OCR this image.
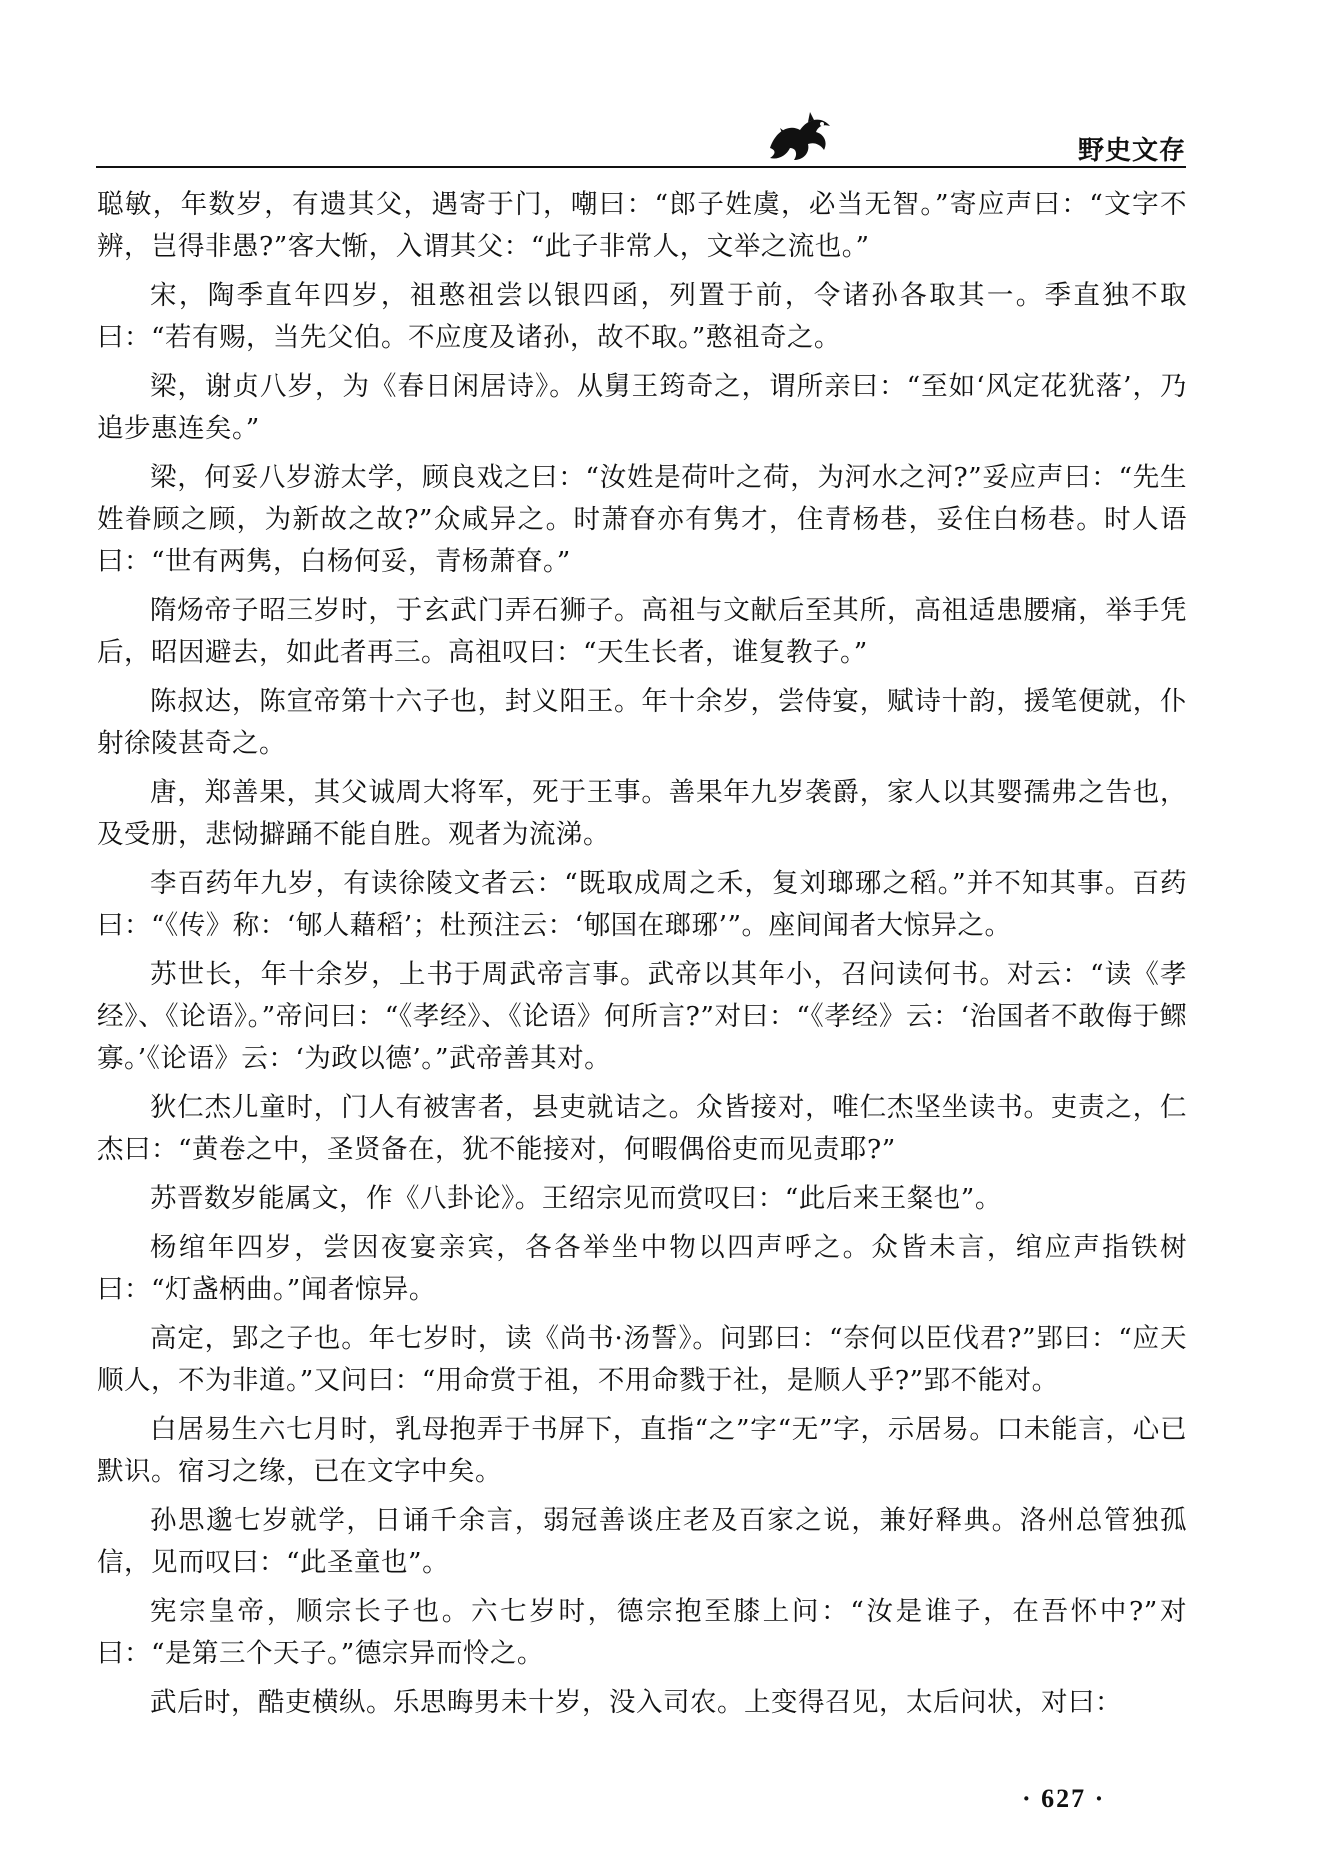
野史文存

聪敏，年数岁，有遗其父，遇寄于门，嘲曰：“郎子姓虞，必当无智。”寄应声曰：“文字不辨，岂得非愚?”客大惭，入谓其父：“此子非常人，文举之流也。”

宋，陶季直年四岁，祖憨祖尝以银四函，列置于前，令诸孙各取其一。季直独不取曰：“若有赐，当先父伯。不应度及诸孙，故不取。”憨祖奇之。

梁，谢贞八岁，为《春日闲居诗》。从舅王筠奇之，谓所亲曰：“至如‘风定花犹落’，乃追步惠连矣。”

梁，何妥八岁游太学，顾良戏之曰：“汝姓是荷叶之荷，为河水之河?”妥应声曰：“先生姓眷顾之顾，为新故之故?”众咸异之。时萧眘亦有隽才，住青杨巷，妥住白杨巷。时人语曰：“世有两隽，白杨何妥，青杨萧眘。”

隋炀帝子昭三岁时，于玄武门弄石狮子。高祖与文献后至其所，高祖适患腰痛，举手凭后，昭因避去，如此者再三。高祖叹曰：“天生长者，谁复教子。”

陈叔达，陈宣帝第十六子也，封义阳王。年十余岁，尝侍宴，赋诗十韵，援笔便就，仆射徐陵甚奇之。

唐，郑善果，其父诚周大将军，死于王事。善果年九岁袭爵，家人以其婴孺弗之告也，及受册，悲恸擗踊不能自胜。观者为流涕。

李百药年九岁，有读徐陵文者云：“既取成周之禾，复刘瑯琊之稻。”并不知其事。百药曰：“《传》称：‘郇人藉稻’；杜预注云：‘郇国在瑯琊’”。座间闻者大惊异之。

苏世长，年十余岁，上书于周武帝言事。武帝以其年小，召问读何书。对云：“读《孝经》、《论语》。”帝问曰：“《孝经》、《论语》何所言?”对曰：“《孝经》云：‘治国者不敢侮于鳏寡。’《论语》云：‘为政以德’。”武帝善其对。

狄仁杰儿童时，门人有被害者，县吏就诘之。众皆接对，唯仁杰坚坐读书。吏责之，仁杰曰：“黄卷之中，圣贤备在，犹不能接对，何暇偶俗吏而见责耶?”

苏晋数岁能属文，作《八卦论》。王绍宗见而赏叹曰：“此后来王粲也”。

杨绾年四岁，尝因夜宴亲宾，各各举坐中物以四声呼之。众皆未言，绾应声指铁树曰：“灯盏柄曲。”闻者惊异。

高定，郢之子也。年七岁时，读《尚书·汤誓》。问郢曰：“奈何以臣伐君?”郢曰：“应天顺人，不为非道。”又问曰：“用命赏于祖，不用命戮于社，是顺人乎?”郢不能对。

白居易生六七月时，乳母抱弄于书屏下，直指“之”字“无”字，示居易。口未能言，心已默识。宿习之缘，已在文字中矣。

孙思邈七岁就学，日诵千余言，弱冠善谈庄老及百家之说，兼好释典。洛州总管独孤信，见而叹曰：“此圣童也”。

宪宗皇帝，顺宗长子也。六七岁时，德宗抱至膝上问：“汝是谁子，在吾怀中?”对曰：“是第三个天子。”德宗异而怜之。

武后时，酷吏横纵。乐思晦男未十岁，没入司农。上变得召见，太后问状，对曰：

· 627 ·
